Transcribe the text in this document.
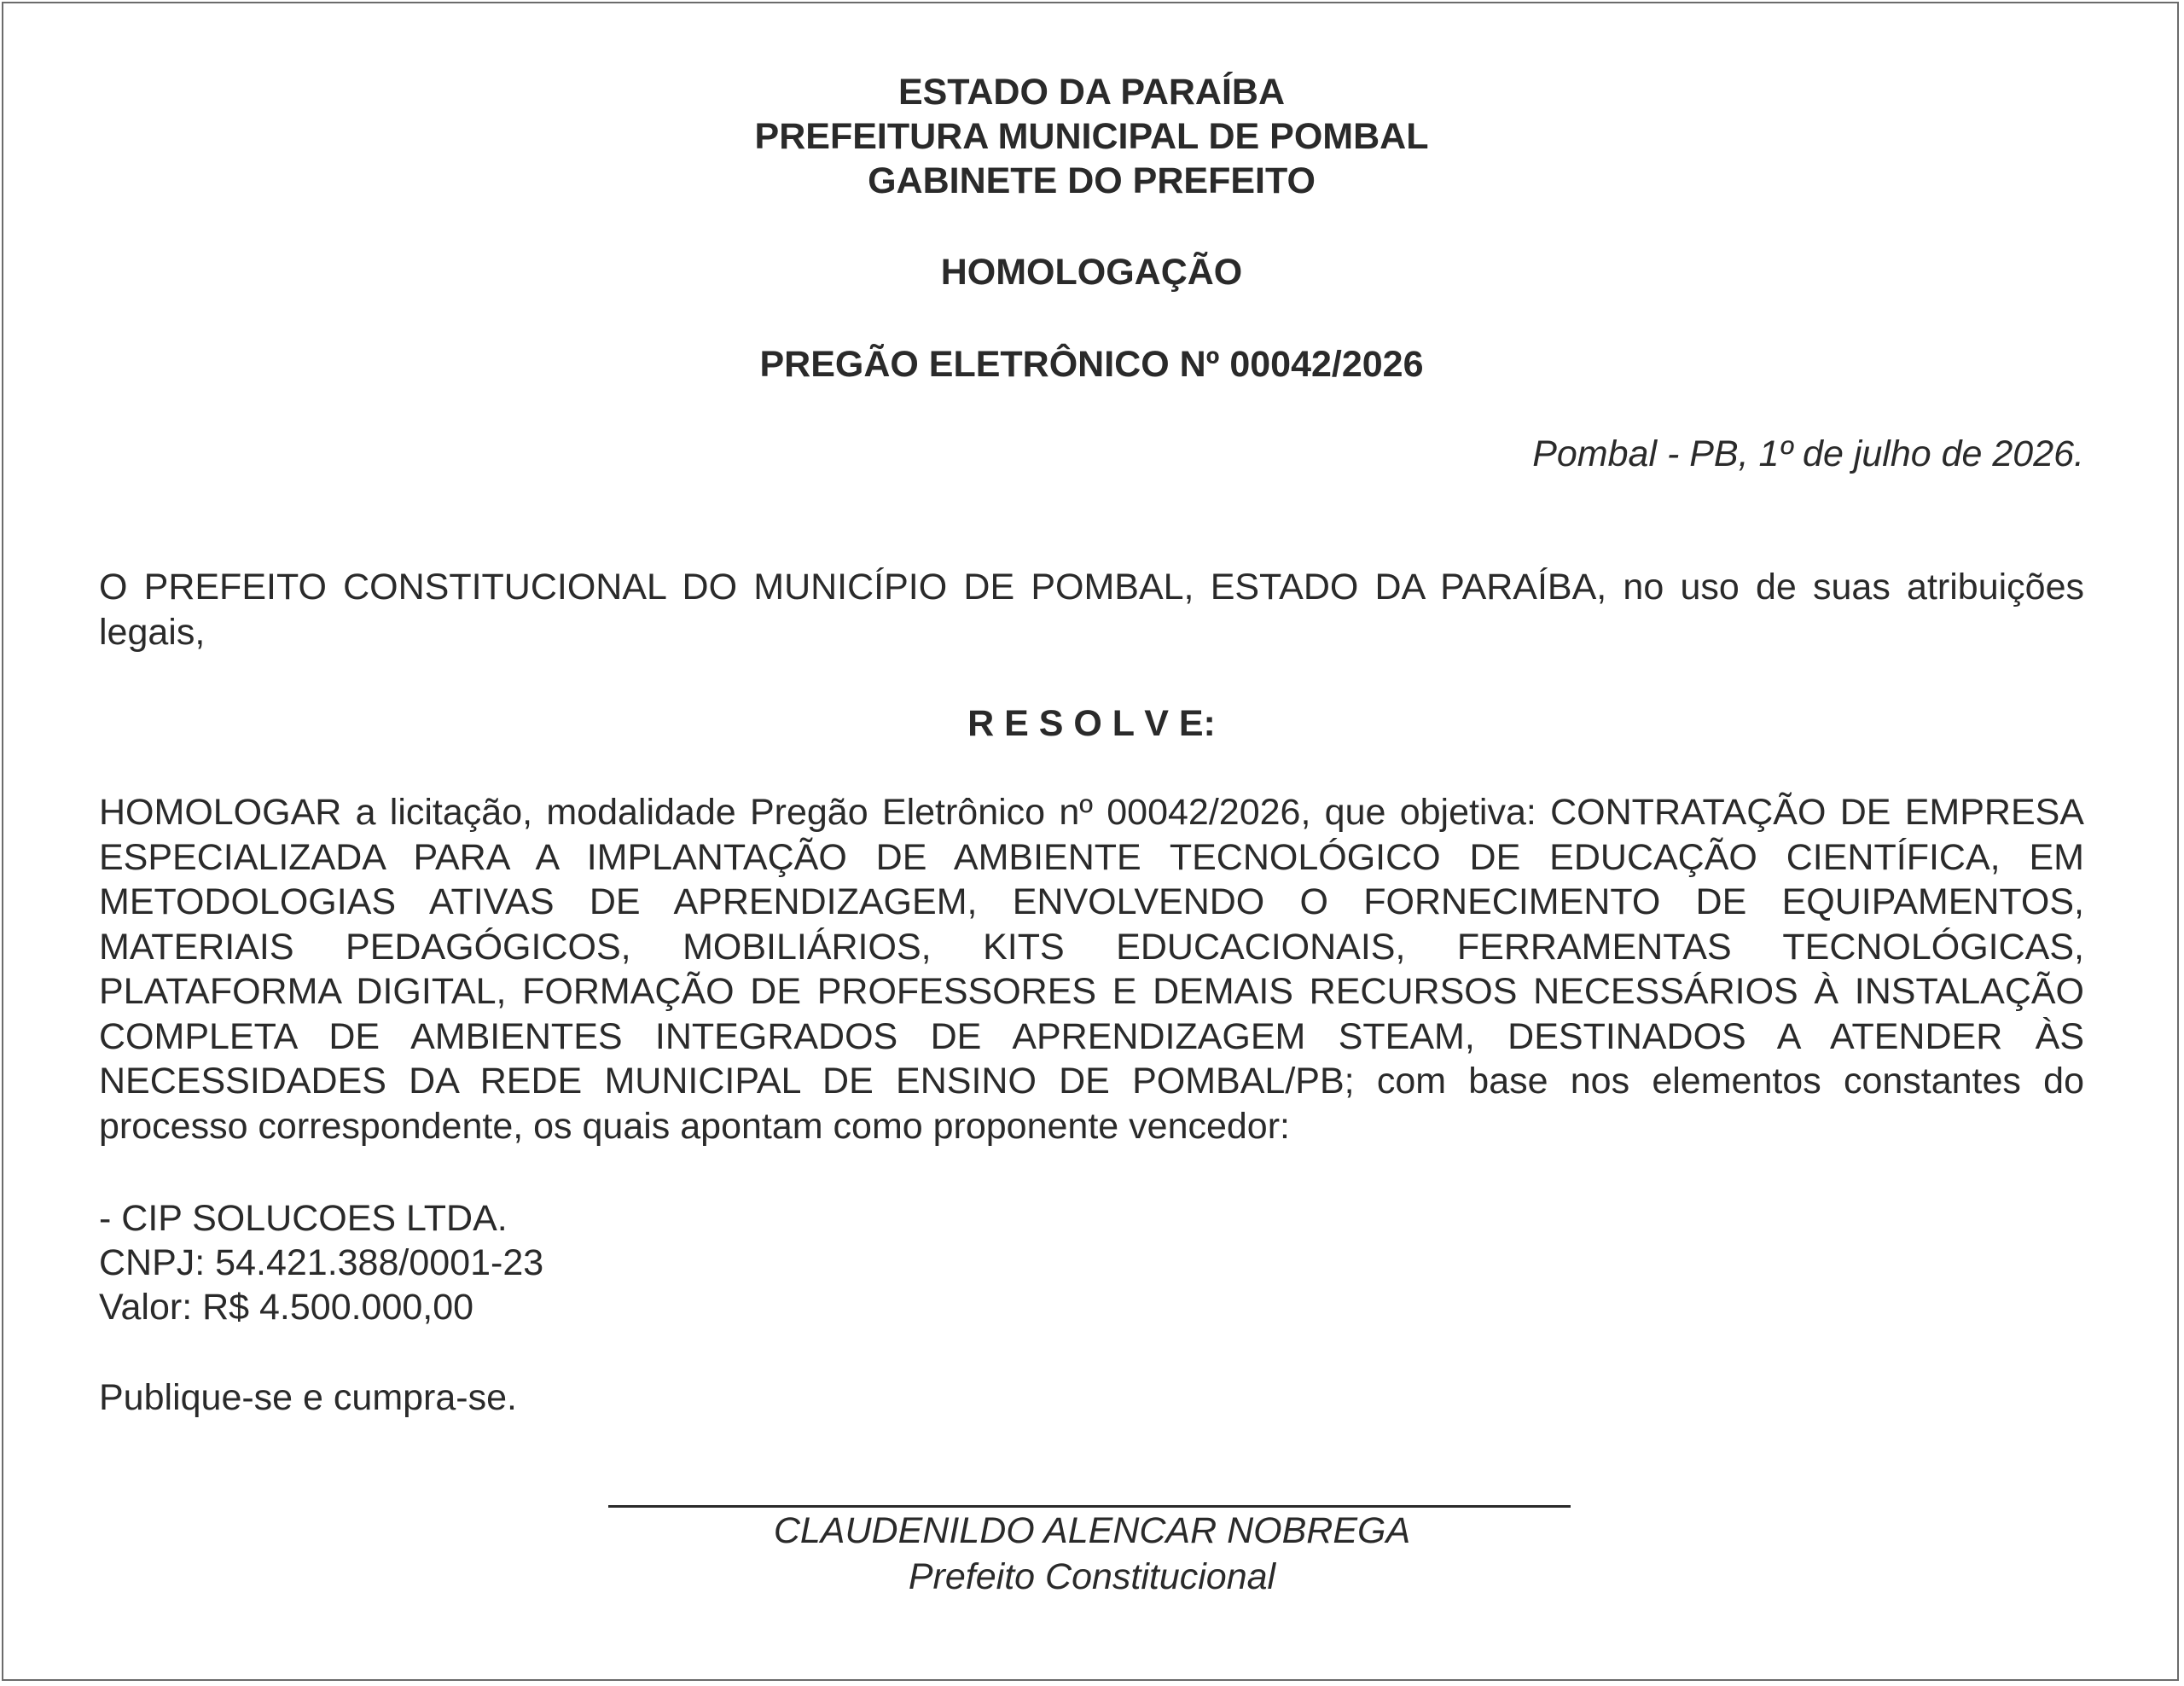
ESTADO DA PARAÍBA
PREFEITURA MUNICIPAL DE POMBAL
GABINETE DO PREFEITO
HOMOLOGAÇÃO
PREGÃO ELETRÔNICO Nº 00042/2026
Pombal - PB, 1º de julho de 2026.
O PREFEITO CONSTITUCIONAL DO MUNICÍPIO DE POMBAL, ESTADO DA PARAÍBA, no uso de suas atribuições legais,
R E S O L V E:
HOMOLOGAR a licitação, modalidade Pregão Eletrônico nº 00042/2026, que objetiva: CONTRATAÇÃO DE EMPRESA ESPECIALIZADA PARA A IMPLANTAÇÃO DE AMBIENTE TECNOLÓGICO DE EDUCAÇÃO CIENTÍFICA, EM METODOLOGIAS ATIVAS DE APRENDIZAGEM, ENVOLVENDO O FORNECIMENTO DE EQUIPAMENTOS, MATERIAIS PEDAGÓGICOS, MOBILIÁRIOS, KITS EDUCACIONAIS, FERRAMENTAS TECNOLÓGICAS, PLATAFORMA DIGITAL, FORMAÇÃO DE PROFESSORES E DEMAIS RECURSOS NECESSÁRIOS À INSTALAÇÃO COMPLETA DE AMBIENTES INTEGRADOS DE APRENDIZAGEM STEAM, DESTINADOS A ATENDER ÀS NECESSIDADES DA REDE MUNICIPAL DE ENSINO DE POMBAL/PB; com base nos elementos constantes do processo correspondente, os quais apontam como proponente vencedor:
- CIP SOLUCOES LTDA.
CNPJ: 54.421.388/0001-23
Valor: R$ 4.500.000,00
Publique-se e cumpra-se.
CLAUDENILDO ALENCAR NOBREGA
Prefeito Constitucional
